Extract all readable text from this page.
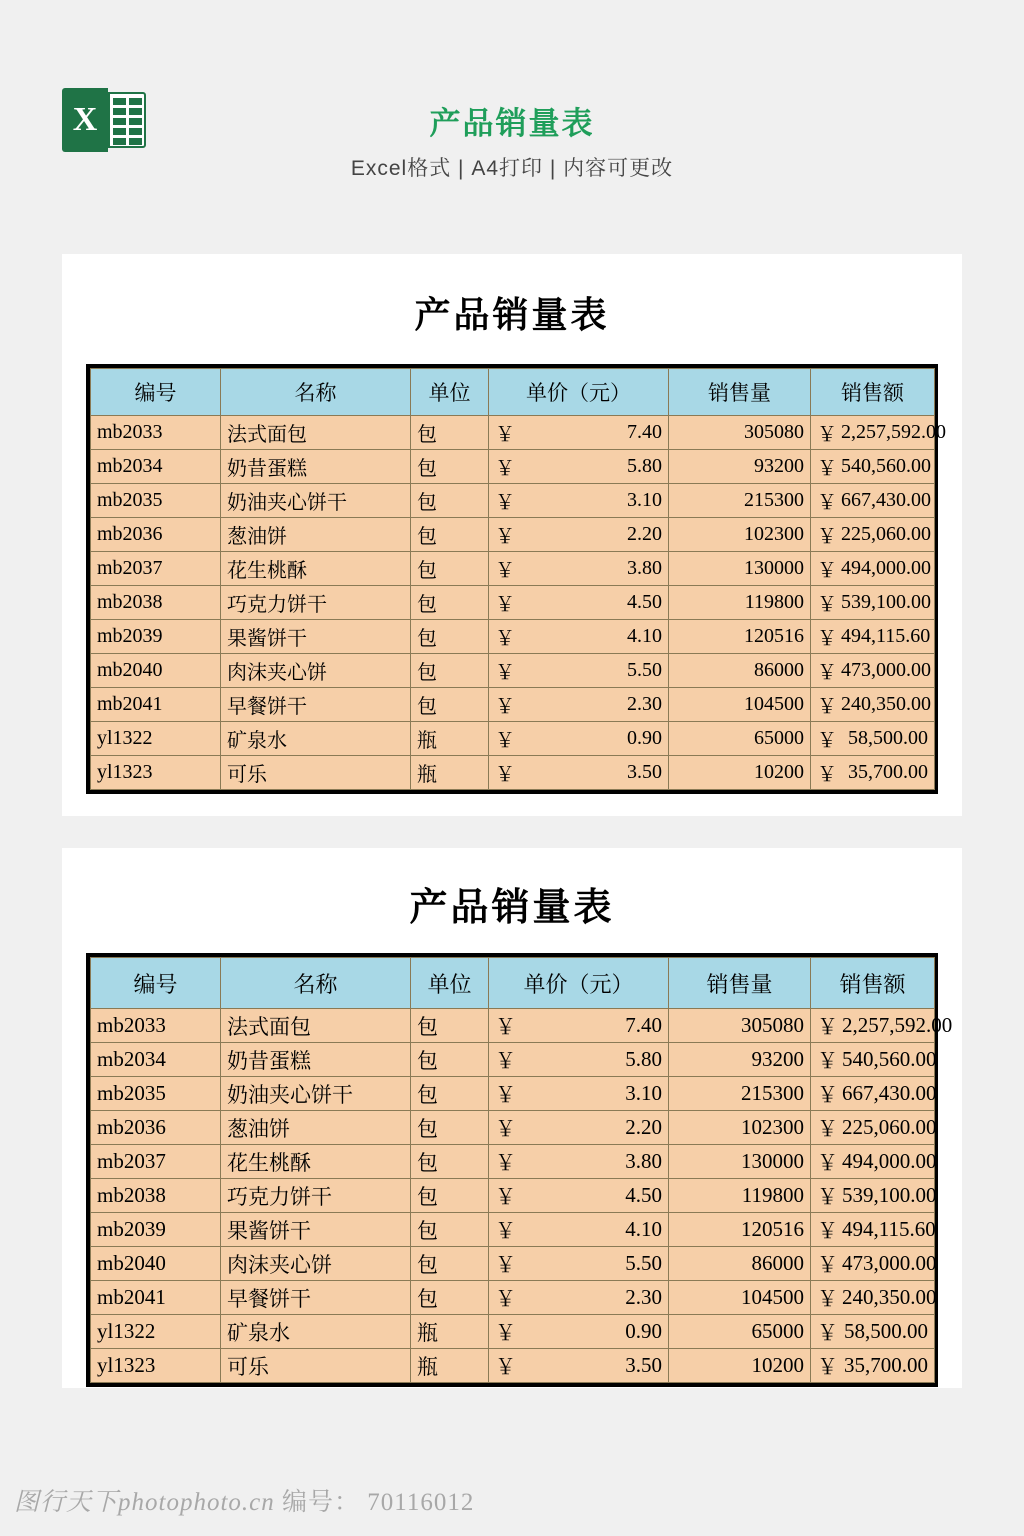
X	产品销量表
Excel格式 | A4打印 | 内容可更改
产品销量表
编号	名称	单位	单价（元）	销售量	销售额
mb2033	法式面包	包	￥ 7.40	305080	￥ 2,257,592.00

mb2034	奶昔蛋糕	包	￥ 5.80	93200	￥ 540,560.00

mb2035	奶油夹心饼干	包	￥ 3.10	215300	￥ 667,430.00

mb2036	葱油饼	包	￥ 2.20	102300	￥ 225,060.00

mb2037	花生桃酥	包	￥ 3.80	130000	￥ 494,000.00

mb2038	巧克力饼干	包	￥ 4.50	119800	￥ 539,100.00

mb2039	果酱饼干	包	￥ 4.10	120516	￥ 494,115.60

mb2040	肉沫夹心饼	包	￥ 5.50	86000	￥ 473,000.00

mb2041	早餐饼干	包	￥ 2.30	104500	￥ 240,350.00

yl1322	矿泉水	瓶	￥ 0.90	65000	￥ 58,500.00

yl1323	可乐	瓶	￥ 3.50	10200	￥ 35,700.00
产品销量表
编号	名称	单位	单价（元）	销售量	销售额
mb2033	法式面包	包	￥ 7.40	305080	￥ 2,257,592.00

mb2034	奶昔蛋糕	包	￥ 5.80	93200	￥ 540,560.00

mb2035	奶油夹心饼干	包	￥ 3.10	215300	￥ 667,430.00

mb2036	葱油饼	包	￥ 2.20	102300	￥ 225,060.00

mb2037	花生桃酥	包	￥ 3.80	130000	￥ 494,000.00

mb2038	巧克力饼干	包	￥ 4.50	119800	￥ 539,100.00

mb2039	果酱饼干	包	￥ 4.10	120516	￥ 494,115.60

mb2040	肉沫夹心饼	包	￥ 5.50	86000	￥ 473,000.00

mb2041	早餐饼干	包	￥ 2.30	104500	￥ 240,350.00

yl1322	矿泉水	瓶	￥ 0.90	65000	￥ 58,500.00

yl1323	可乐	瓶	￥ 3.50	10200	￥ 35,700.00
图行天下photophoto.cn 编号： 70116012
